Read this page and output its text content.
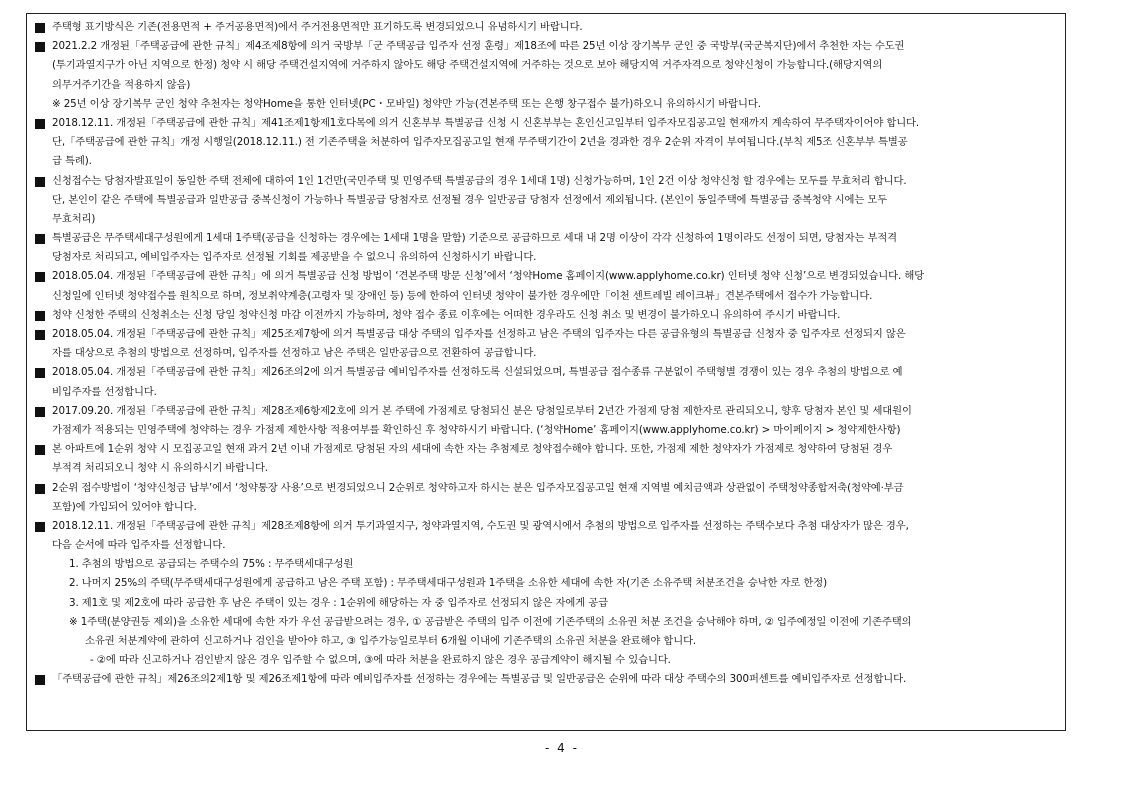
주택형 표기방식은 기존(전용면적 + 주거공용면적)에서 주거전용면적만 표기하도록 변경되었으니 유념하시기 바랍니다.
2021.2.2 개정된「주택공급에 관한 규칙」제4조제8항에 의거 국방부「군 주택공급 입주자 선정 훈령」제18조에 따른 25년 이상 장기복무 군인 중 국방부(국군복지단)에서 추천한 자는 수도권
(투기과열지구가 아닌 지역으로 한정) 청약 시 해당 주택건설지역에 거주하지 않아도 해당 주택건설지역에 거주하는 것으로 보아 해당지역 거주자격으로 청약신청이 가능합니다.(해당지역의
의무거주기간을 적용하지 않음)
※ 25년 이상 장기복무 군인 청약 추천자는 청약Home을 통한 인터넷(PC・모바일) 청약만 가능(견본주택 또는 은행 창구접수 불가)하오니 유의하시기 바랍니다.
2018.12.11. 개정된「주택공급에 관한 규칙」제41조제1항제1호다목에 의거 신혼부부 특별공급 신청 시 신혼부부는 혼인신고일부터 입주자모집공고일 현재까지 계속하여 무주택자이어야 합니다.
단,「주택공급에 관한 규칙」개정 시행일(2018.12.11.) 전 기존주택을 처분하여 입주자모집공고일 현재 무주택기간이 2년을 경과한 경우 2순위 자격이 부여됩니다.(부칙 제5조 신혼부부 특별공
급 특례).
신청접수는 당첨자발표일이 동일한 주택 전체에 대하여 1인 1건만(국민주택 및 민영주택 특별공급의 경우 1세대 1명) 신청가능하며, 1인 2건 이상 청약신청 할 경우에는 모두를 무효처리 합니다.
단, 본인이 같은 주택에 특별공급과 일반공급 중복신청이 가능하나 특별공급 당첨자로 선정될 경우 일반공급 당첨자 선정에서 제외됩니다. (본인이 동일주택에 특별공급 중복청약 시에는 모두
무효처리)
특별공급은 무주택세대구성원에게 1세대 1주택(공급을 신청하는 경우에는 1세대 1명을 말함) 기준으로 공급하므로 세대 내 2명 이상이 각각 신청하여 1명이라도 선정이 되면, 당첨자는 부적격
당첨자로 처리되고, 예비입주자는 입주자로 선정될 기회를 제공받을 수 없으니 유의하여 신청하시기 바랍니다.
2018.05.04. 개정된「주택공급에 관한 규칙」에 의거 특별공급 신청 방법이 ‘견본주택 방문 신청’에서 ‘청약Home 홈페이지(www.applyhome.co.kr) 인터넷 청약 신청’으로 변경되었습니다. 해당
신청일에 인터넷 청약접수를 원칙으로 하며, 정보취약계층(고령자 및 장애인 등) 등에 한하여 인터넷 청약이 불가한 경우에만「이천 센트레빌 레이크뷰」견본주택에서 접수가 가능합니다.
청약 신청한 주택의 신청취소는 신청 당일 청약신청 마감 이전까지 가능하며, 청약 접수 종료 이후에는 어떠한 경우라도 신청 취소 및 변경이 불가하오니 유의하여 주시기 바랍니다.
2018.05.04. 개정된「주택공급에 관한 규칙」제25조제7항에 의거 특별공급 대상 주택의 입주자를 선정하고 남은 주택의 입주자는 다른 공급유형의 특별공급 신청자 중 입주자로 선정되지 않은
자를 대상으로 추첨의 방법으로 선정하며, 입주자를 선정하고 남은 주택은 일반공급으로 전환하여 공급합니다.
2018.05.04. 개정된「주택공급에 관한 규칙」제26조의2에 의거 특별공급 예비입주자를 선정하도록 신설되었으며, 특별공급 접수종류 구분없이 주택형별 경쟁이 있는 경우 추첨의 방법으로 예
비입주자를 선정합니다.
2017.09.20. 개정된「주택공급에 관한 규칙」제28조제6항제2호에 의거 본 주택에 가점제로 당첨되신 분은 당첨일로부터 2년간 가점제 당첨 제한자로 관리되오니, 향후 당첨자 본인 및 세대원이
가점제가 적용되는 민영주택에 청약하는 경우 가점제 제한사항 적용여부를 확인하신 후 청약하시기 바랍니다. (‘청약Home’ 홈페이지(www.applyhome.co.kr) > 마이페이지 > 청약제한사항)
본 아파트에 1순위 청약 시 모집공고일 현재 과거 2년 이내 가점제로 당첨된 자의 세대에 속한 자는 추첨제로 청약접수해야 합니다. 또한, 가점제 제한 청약자가 가점제로 청약하여 당첨된 경우
부적격 처리되오니 청약 시 유의하시기 바랍니다.
2순위 접수방법이 ‘청약신청금 납부’에서 ‘청약통장 사용’으로 변경되었으니 2순위로 청약하고자 하시는 분은 입주자모집공고일 현재 지역별 예치금액과 상관없이 주택청약종합저축(청약예·부금
포함)에 가입되어 있어야 합니다.
2018.12.11. 개정된「주택공급에 관한 규칙」제28조제8항에 의거 투기과열지구, 청약과열지역, 수도권 및 광역시에서 추첨의 방법으로 입주자를 선정하는 주택수보다 추첨 대상자가 많은 경우,
다음 순서에 따라 입주자를 선정합니다.
1. 추첨의 방법으로 공급되는 주택수의 75% : 무주택세대구성원
2. 나머지 25%의 주택(무주택세대구성원에게 공급하고 남은 주택 포함) : 무주택세대구성원과 1주택을 소유한 세대에 속한 자(기존 소유주택 처분조건을 승낙한 자로 한정)
3. 제1호 및 제2호에 따라 공급한 후 남은 주택이 있는 경우 : 1순위에 해당하는 자 중 입주자로 선정되지 않은 자에게 공급
※ 1주택(분양권등 제외)을 소유한 세대에 속한 자가 우선 공급받으려는 경우, ① 공급받은 주택의 입주 이전에 기존주택의 소유권 처분 조건을 승낙해야 하며, ② 입주예정일 이전에 기존주택의
소유권 처분계약에 관하여 신고하거나 검인을 받아야 하고, ③ 입주가능일로부터 6개월 이내에 기존주택의 소유권 처분을 완료해야 합니다.
- ②에 따라 신고하거나 검인받지 않은 경우 입주할 수 없으며, ③에 따라 처분을 완료하지 않은 경우 공급계약이 해지될 수 있습니다.
「주택공급에 관한 규칙」제26조의2제1항 및 제26조제1항에 따라 예비입주자를 선정하는 경우에는 특별공급 및 일반공급은 순위에 따라 대상 주택수의 300퍼센트를 예비입주자로 선정합니다.
- 4 -
